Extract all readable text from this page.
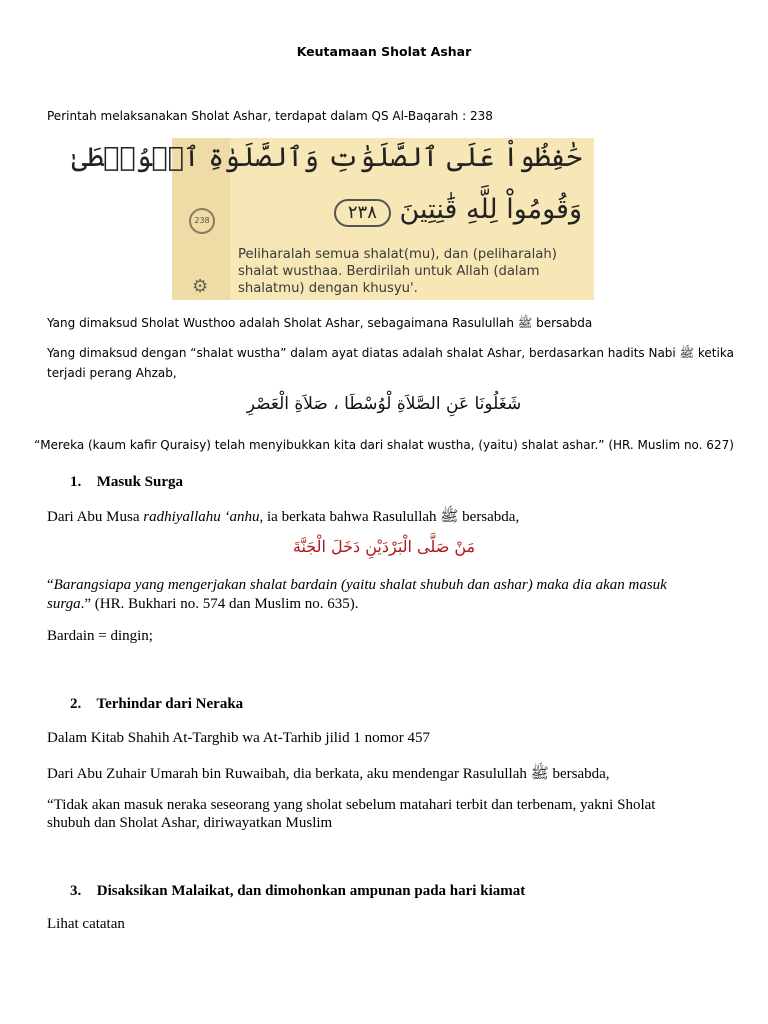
Keutamaan Sholat Ashar
Perintah melaksanakan Sholat Ashar, terdapat dalam QS Al-Baqarah : 238
238
⚙
حَٰفِظُواْ عَلَى ٱلصَّلَوَٰتِ وَٱلصَّلَوٰةِ ٱلۡوُسۡطَىٰ
وَقُومُواْ لِلَّهِ قَٰنِتِينَ ٢٣٨
Peliharalah semua shalat(mu), dan (peliharalah) shalat wusthaa. Berdirilah untuk Allah (dalam shalatmu) dengan khusyu'.
Yang dimaksud Sholat Wusthoo adalah Sholat Ashar, sebagaimana Rasulullah ﷺ bersabda
Yang dimaksud dengan “shalat wustha” dalam ayat diatas adalah shalat Ashar, berdasarkan hadits Nabi ﷺ ketika
terjadi perang Ahzab,
شَغَلُونَا عَنِ الصَّلاَةِ لْوُسْطَا ، صَلاَةِ الْعَصْرِ
“Mereka (kaum kafir Quraisy) telah menyibukkan kita dari shalat wustha, (yaitu) shalat ashar.” (HR. Muslim no. 627)
1. Masuk Surga
Dari Abu Musa radhiyallahu ‘anhu, ia berkata bahwa Rasulullah ﷺ bersabda,
مَنْ صَلَّى الْبَرْدَيْنِ دَخَلَ الْجَنَّةَ
“Barangsiapa yang mengerjakan shalat bardain (yaitu shalat shubuh dan ashar) maka dia akan masuk
surga.” (HR. Bukhari no. 574 dan Muslim no. 635).
Bardain = dingin;
2. Terhindar dari Neraka
Dalam Kitab Shahih At-Targhib wa At-Tarhib jilid 1 nomor 457
Dari Abu Zuhair Umarah bin Ruwaibah, dia berkata, aku mendengar Rasulullah ﷺ bersabda,
“Tidak akan masuk neraka seseorang yang sholat sebelum matahari terbit dan terbenam, yakni Sholat
shubuh dan Sholat Ashar, diriwayatkan Muslim
3. Disaksikan Malaikat, dan dimohonkan ampunan pada hari kiamat
Lihat catatan
